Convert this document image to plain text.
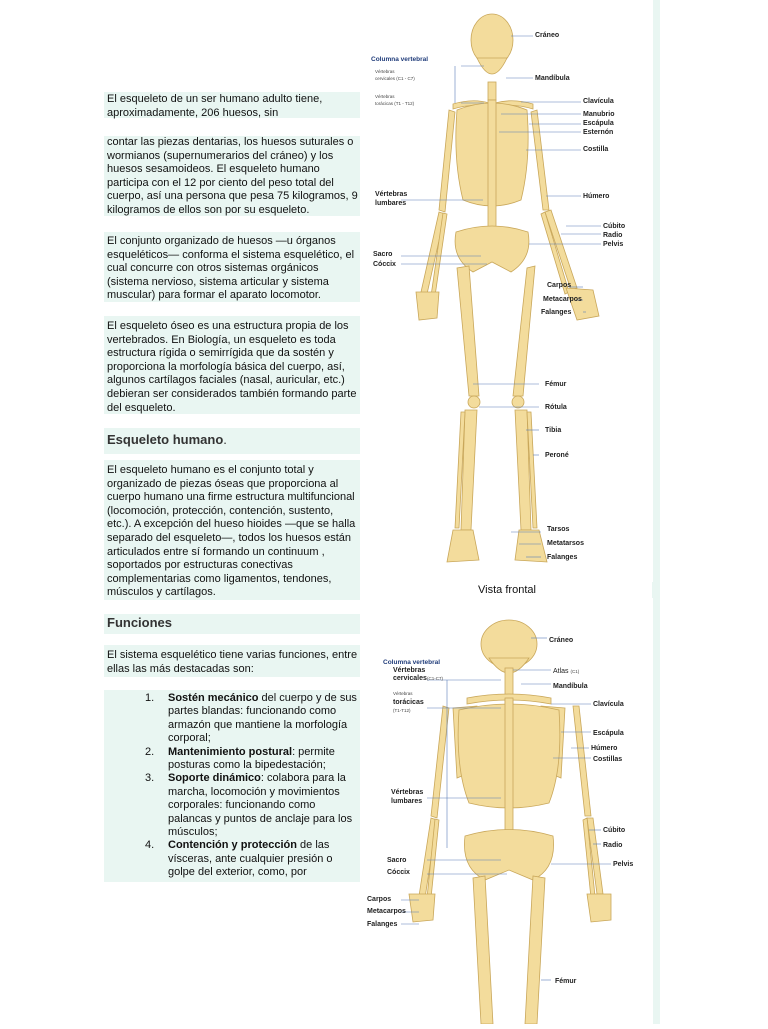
El esqueleto de un ser humano adulto tiene, aproximadamente, 206 huesos, sin

contar las piezas dentarias, los huesos suturales o wormianos (supernumerarios del cráneo) y los huesos sesamoideos. El esqueleto humano participa con el 12 por ciento del peso total del cuerpo, así una persona que pesa 75 kilogramos, 9 kilogramos de ellos son por su esqueleto.

El conjunto organizado de huesos —u órganos esqueléticos— conforma el sistema esquelético, el cual concurre con otros sistemas orgánicos (sistema nervioso, sistema articular y sistema muscular) para formar el aparato locomotor.

El esqueleto óseo es una estructura propia de los vertebrados. En Biología, un esqueleto es toda estructura rígida o semirrígida que da sostén y proporciona la morfología básica del cuerpo, así, algunos cartílagos faciales (nasal, auricular, etc.) debieran ser considerados también formando parte del esqueleto.

Esqueleto humano.

El esqueleto humano es el conjunto total y organizado de piezas óseas que proporciona al cuerpo humano una firme estructura multifuncional (locomoción, protección, contención, sustento, etc.). A excepción del hueso hioides —que se halla separado del esqueleto—, todos los huesos están articulados entre sí formando un continuum , soportados por estructuras conectivas complementarias como ligamentos, tendones, músculos y cartílagos.

Funciones

El sistema esquelético tiene varias funciones, entre ellas las más destacadas son:

1. Sostén mecánico del cuerpo y de sus partes blandas: funcionando como armazón que mantiene la morfología corporal;
2. Mantenimiento postural: permite posturas como la bipedestación;
3. Soporte dinámico: colabora para la marcha, locomoción y movimientos corporales: funcionando como palancas y puntos de anclaje para los músculos;
4. Contención y protección de las vísceras, ante cualquier presión o golpe del exterior, como, por
Columna vertebral
Vértebras
cervicales (C1 - C7)
Vértebras
torácicas (T1 - T12)
Vértebras
lumbares
Sacro
Cóccix
Cráneo
Mandíbula
Clavícula
Manubrio
Escápula
Esternón
Costilla
Húmero
Cúbito
Radio
Pelvis
Carpos
Metacarpos
Falanges
Fémur
Rótula
Tibia
Peroné
Tarsos
Metatarsos
Falanges
Vista frontal
Columna vertebral
Vértebras
cervicales (C1-C7)
Vértebras
torácicas
(T1-T12)
Vértebras
lumbares
Sacro
Cóccix
Carpos
Metacarpos
Falanges
Cráneo
Atlas (C1)
Mandíbula
Clavícula
Escápula
Húmero
Costillas
Cúbito
Radio
Pelvis
Fémur
